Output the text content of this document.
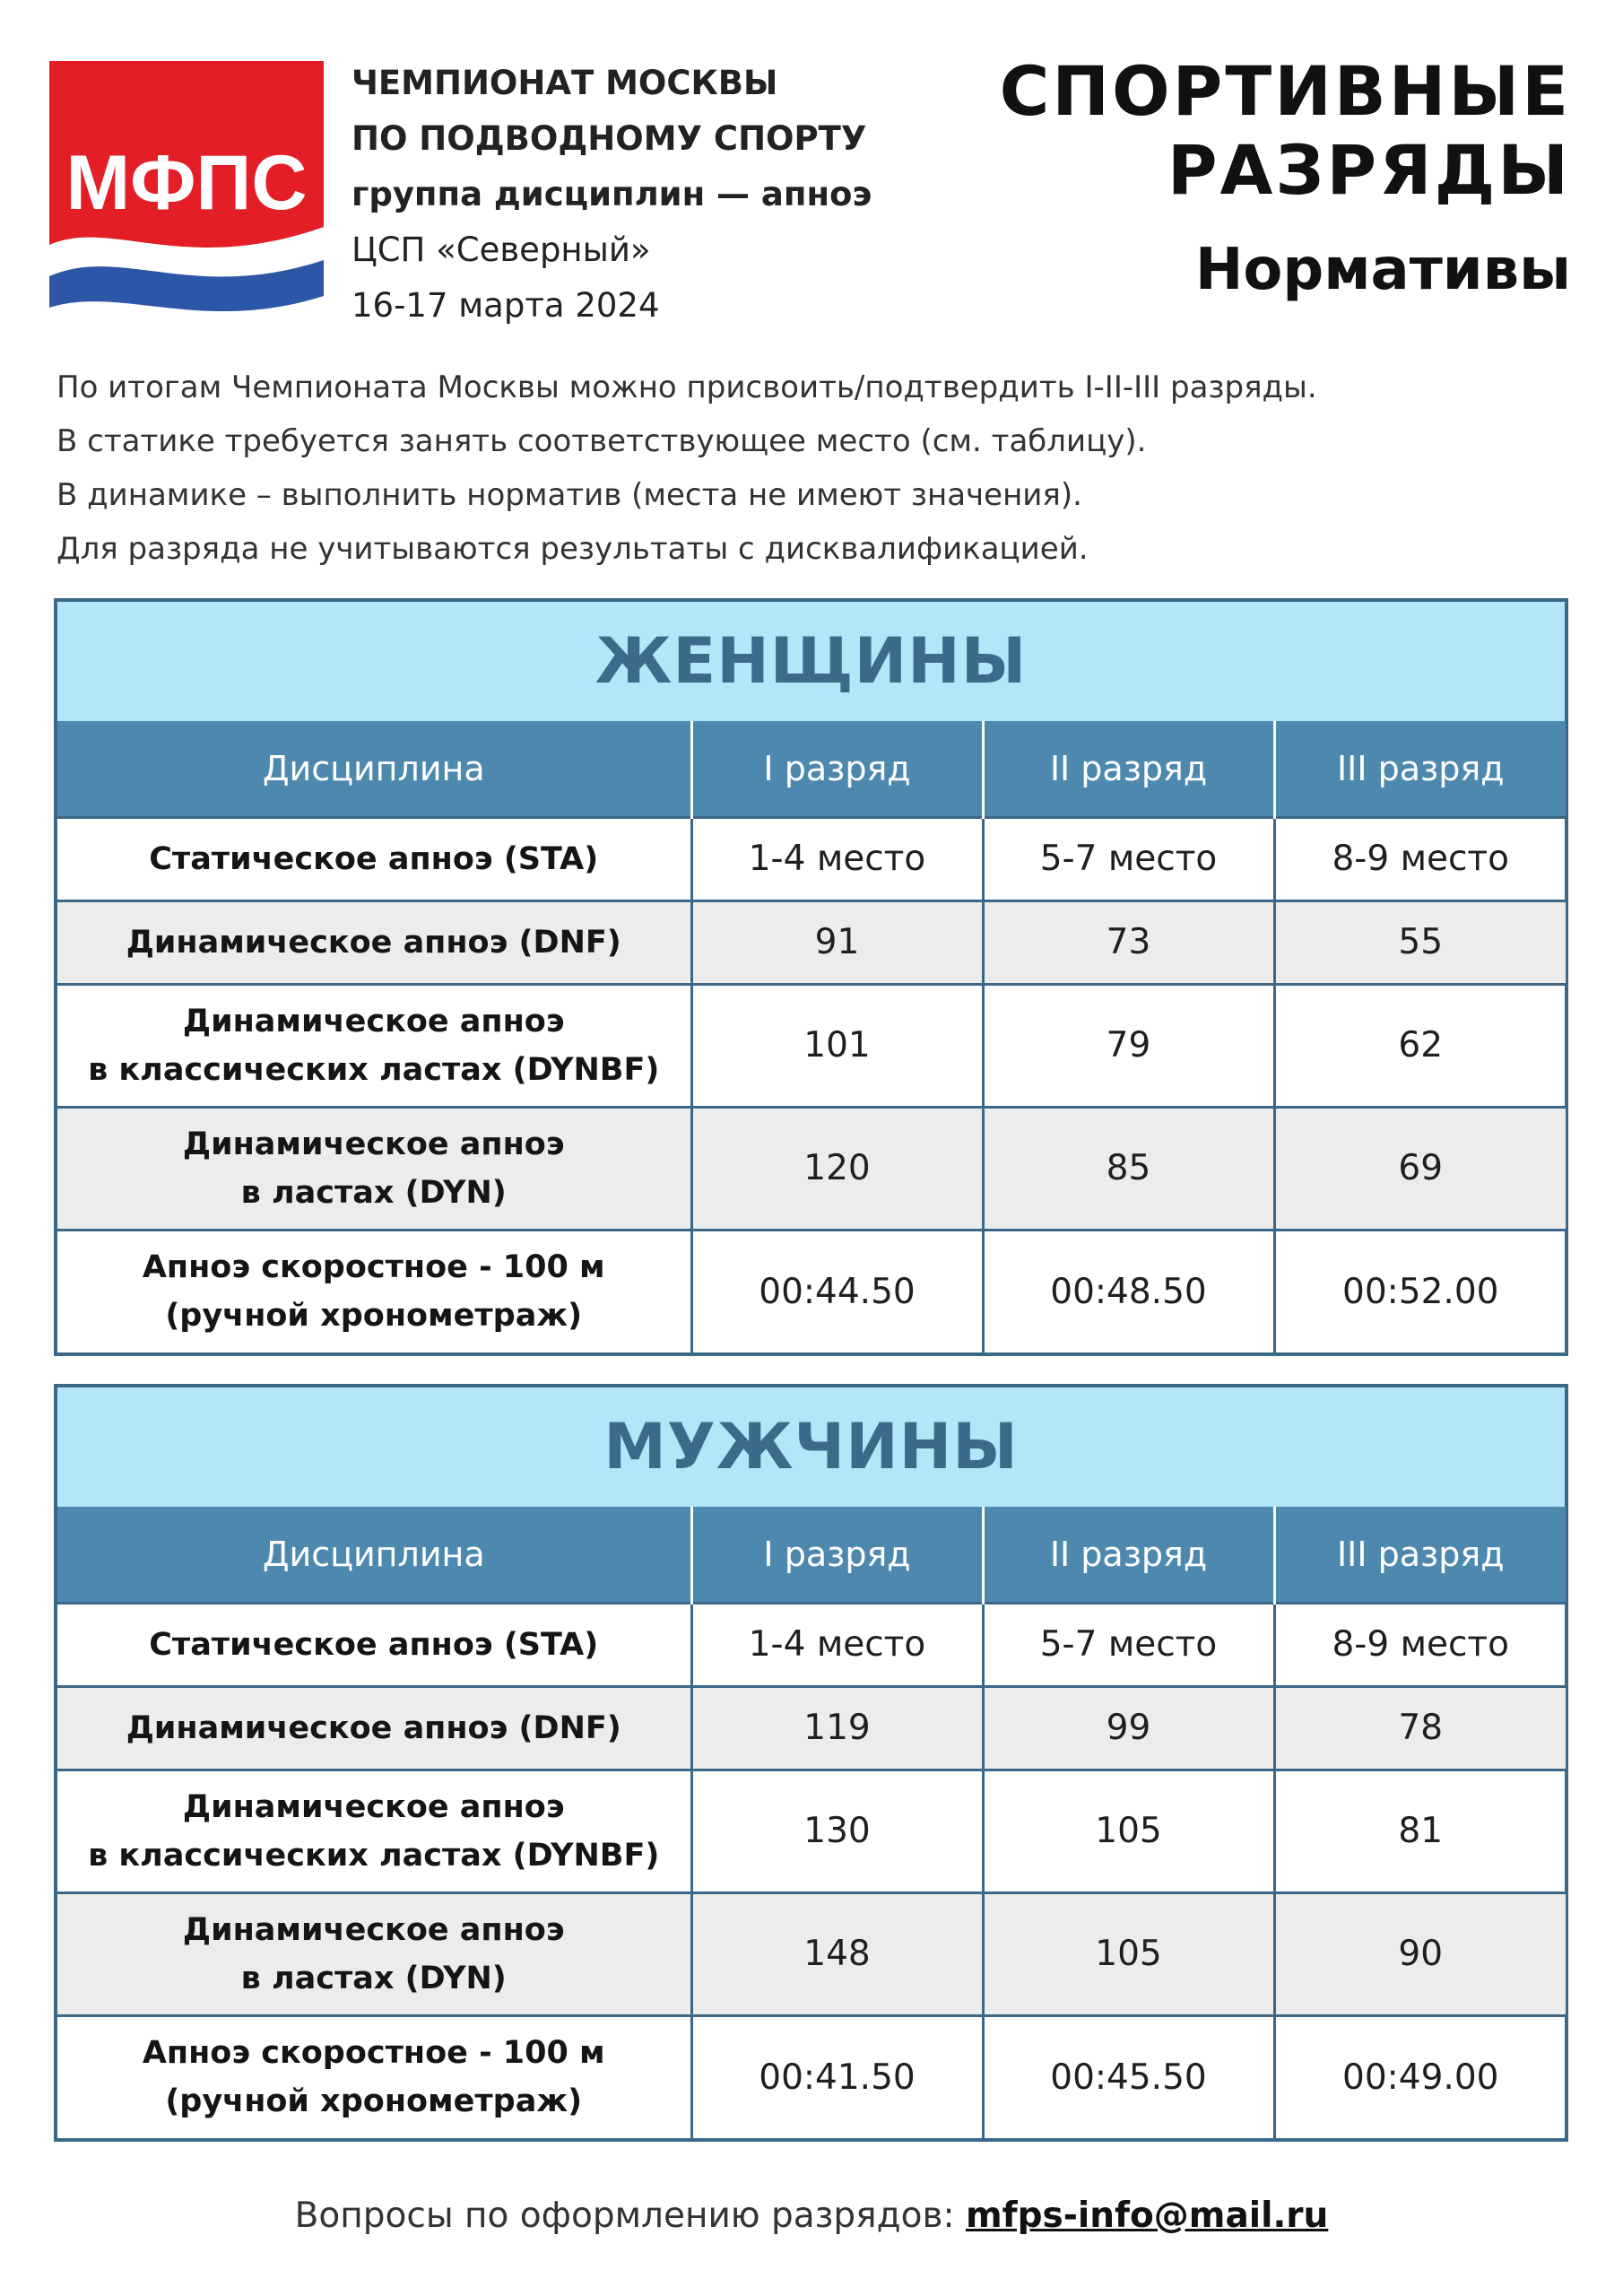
МФПС
ЧЕМПИОНАТ МОСКВЫ
ПО ПОДВОДНОМУ СПОРТУ
группа дисциплин — апноэ
ЦСП «Северный»
16-17 марта 2024
СПОРТИВНЫЕ
РАЗРЯДЫ
Нормативы

По итогам Чемпионата Москвы можно присвоить/подтвердить I-II-III разряды.

В статике требуется занять соответствующее место (см. таблицу).

В динамике – выполнить норматив (места не имеют значения).

Для разряда не учитываются результаты с дисквалификацией.

ЖЕНЩИНЫ
Дисциплина	I разряд	II разряд	III разряд
Статическое апноэ (STA)	1-4 место	5-7 место	8-9 место
Динамическое апноэ (DNF)	91	73	55
Динамическое апноэ
в классических ластах (DYNBF)	101	79	62
Динамическое апноэ
в ластах (DYN)	120	85	69
Апноэ скоростное - 100 м
(ручной хронометраж)	00:44.50	00:48.50	00:52.00
МУЖЧИНЫ
Дисциплина	I разряд	II разряд	III разряд
Статическое апноэ (STA)	1-4 место	5-7 место	8-9 место
Динамическое апноэ (DNF)	119	99	78
Динамическое апноэ
в классических ластах (DYNBF)	130	105	81
Динамическое апноэ
в ластах (DYN)	148	105	90
Апноэ скоростное - 100 м
(ручной хронометраж)	00:41.50	00:45.50	00:49.00
Вопросы по оформлению разрядов: mfps-info@mail.ru
